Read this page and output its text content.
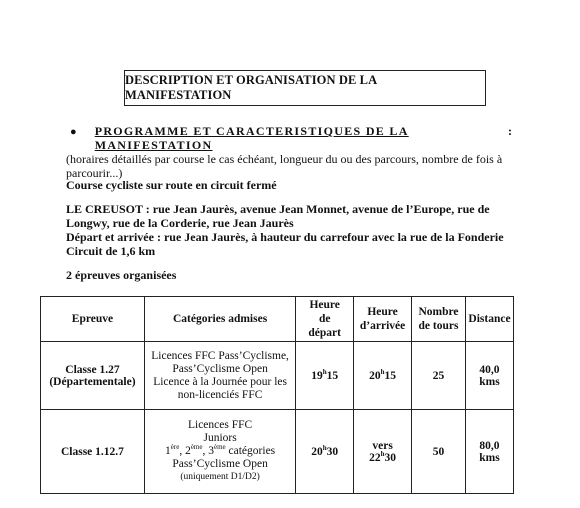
DESCRIPTION ET ORGANISATION DE LA MANIFESTATION
●	PROGRAMME ET CARACTERISTIQUES DE LA MANIFESTATION
:
(horaires détaillés par course le cas échéant, longueur du ou des parcours, nombre de fois à
parcourir...)
Course cycliste sur route en circuit fermé
LE CREUSOT : rue Jean Jaurès, avenue Jean Monnet, avenue de l’Europe, rue de
Longwy, rue de la Corderie, rue Jean Jaurès
Départ et arrivée : rue Jean Jaurès, à hauteur du carrefour avec la rue de la Fonderie
Circuit de 1,6 km
2 épreuves organisées
Epreuve	Catégories admises	Heure
de
départ	Heure
d’arrivée	Nombre
de tours	Distance

Classe 1.27
(Départementale)	Licences FFC Pass’Cyclisme,
Pass’Cyclisme Open
Licence à la Journée pour les
non-licenciés FFC	19$^h$15	20$^h$15	25	40,0 kms
Classe 1.12.7	Licences FFC
Juniors
1ère, 2ème, 3ème catégories
Pass’Cyclisme Open
(uniquement D1/D2)	20$^h$30	vers
22$^h$30	50	80,0 kms
